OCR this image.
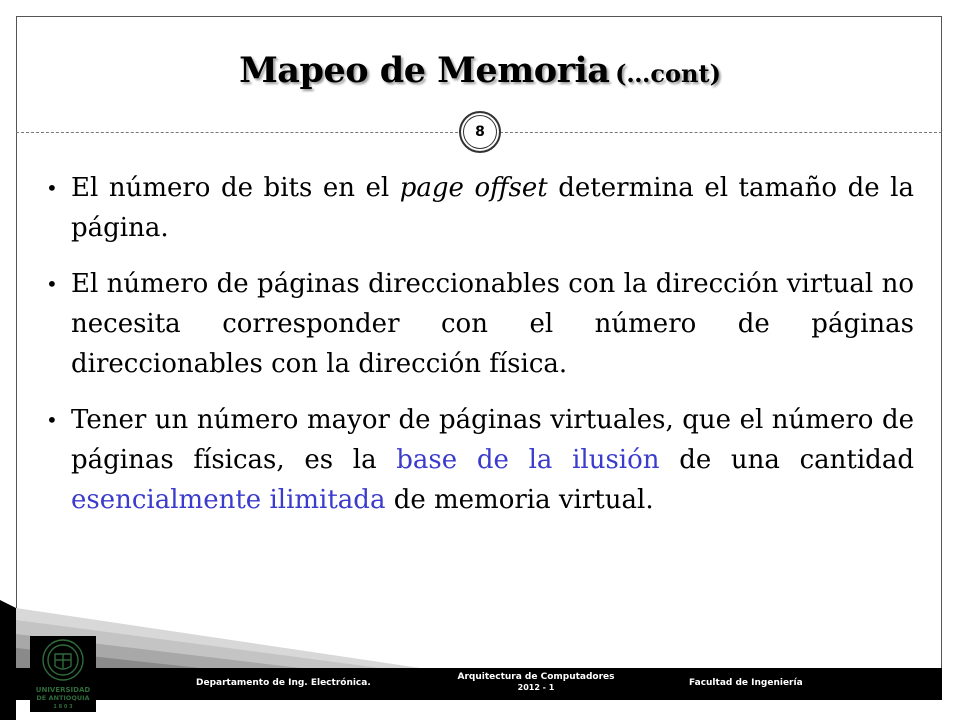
Mapeo de Memoria (…cont)
8
• El número de bits en el page offset determina el tamaño de la página.
• El número de páginas direccionables con la dirección virtual no necesita corresponder con el número de páginas direccionables con la dirección física.
• Tener un número mayor de páginas virtuales, que el número de páginas físicas, es la base de la ilusión de una cantidad esencialmente ilimitada de memoria virtual.
Departamento de Ing. Electrónica.
Arquitectura de Computadores
2012 - 1	Facultad de Ingeniería
UNIVERSIDAD
DE ANTIOQUIA
1 8 0 3
